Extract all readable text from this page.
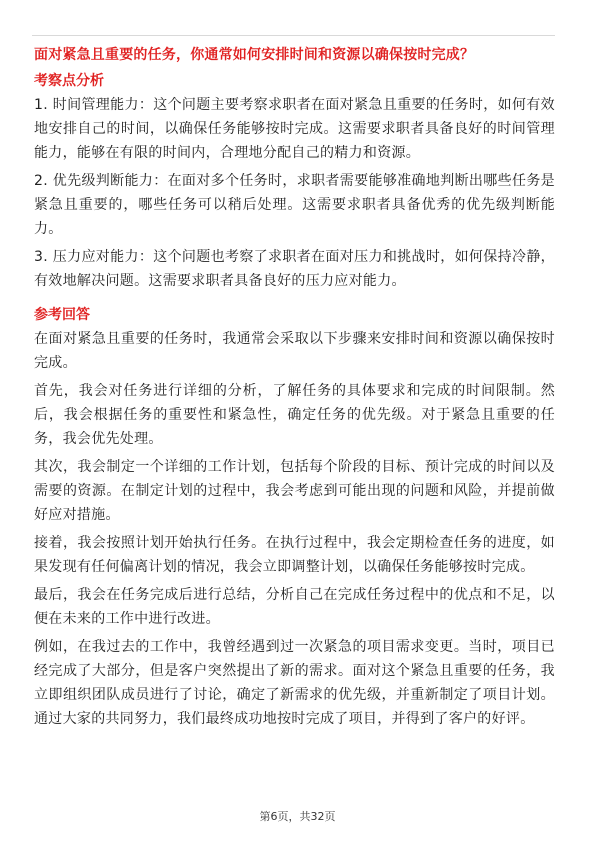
面对紧急且重要的任务，你通常如何安排时间和资源以确保按时完成？

考察点分析

1. 时间管理能力：这个问题主要考察求职者在面对紧急且重要的任务时，如何有效地安排自己的时间，以确保任务能够按时完成。这需要求职者具备良好的时间管理能力，能够在有限的时间内，合理地分配自己的精力和资源。

2. 优先级判断能力：在面对多个任务时，求职者需要能够准确地判断出哪些任务是紧急且重要的，哪些任务可以稍后处理。这需要求职者具备优秀的优先级判断能力。

3. 压力应对能力：这个问题也考察了求职者在面对压力和挑战时，如何保持冷静，有效地解决问题。这需要求职者具备良好的压力应对能力。

参考回答

在面对紧急且重要的任务时，我通常会采取以下步骤来安排时间和资源以确保按时完成。

首先，我会对任务进行详细的分析，了解任务的具体要求和完成的时间限制。然后，我会根据任务的重要性和紧急性，确定任务的优先级。对于紧急且重要的任务，我会优先处理。

其次，我会制定一个详细的工作计划，包括每个阶段的目标、预计完成的时间以及需要的资源。在制定计划的过程中，我会考虑到可能出现的问题和风险，并提前做好应对措施。

接着，我会按照计划开始执行任务。在执行过程中，我会定期检查任务的进度，如果发现有任何偏离计划的情况，我会立即调整计划，以确保任务能够按时完成。

最后，我会在任务完成后进行总结，分析自己在完成任务过程中的优点和不足，以便在未来的工作中进行改进。

例如，在我过去的工作中，我曾经遇到过一次紧急的项目需求变更。当时，项目已经完成了大部分，但是客户突然提出了新的需求。面对这个紧急且重要的任务，我立即组织团队成员进行了讨论，确定了新需求的优先级，并重新制定了项目计划。通过大家的共同努力，我们最终成功地按时完成了项目，并得到了客户的好评。

第6页，共32页
